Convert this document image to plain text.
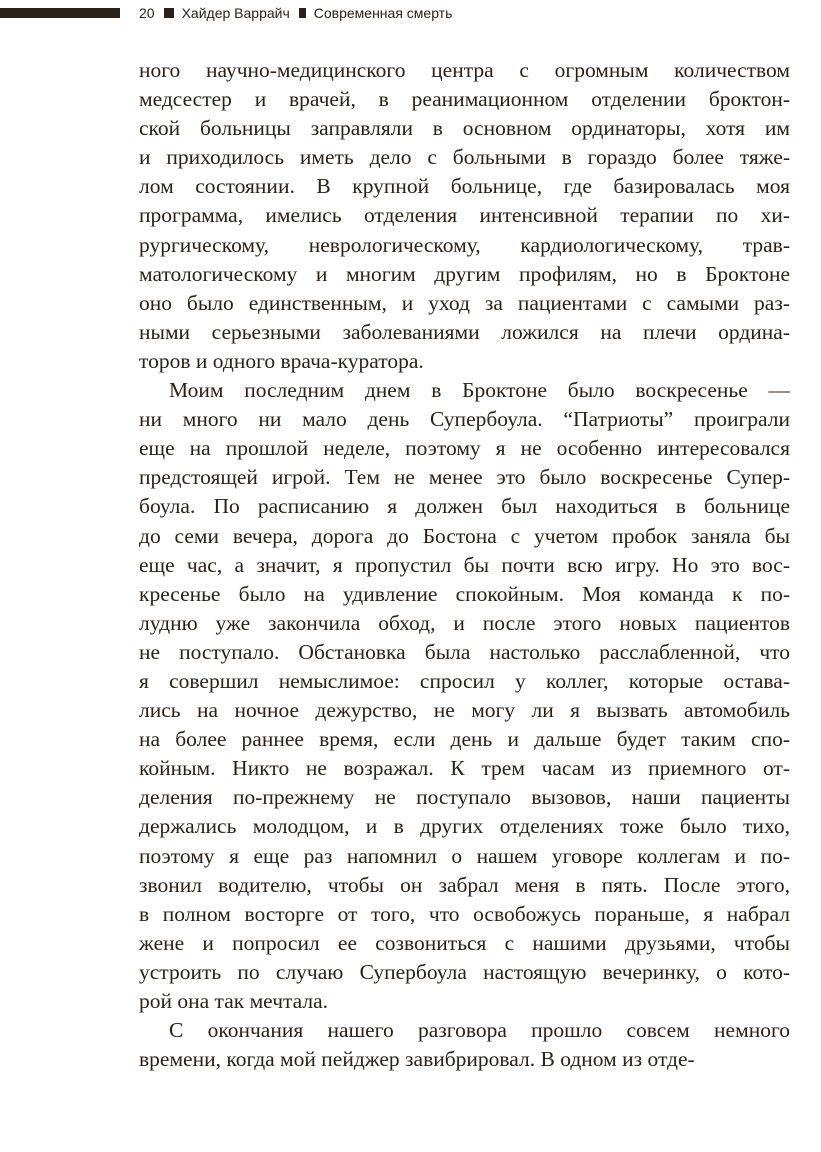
20 Хайдер Варрайч Современная смерть
ного научно-медицинского центра с огромным количеством
медсестер и врачей, в реанимационном отделении броктон-
ской больницы заправляли в основном ординаторы, хотя им
и приходилось иметь дело с больными в гораздо более тяже-
лом состоянии. В крупной больнице, где базировалась моя
программа, имелись отделения интенсивной терапии по хи-
рургическому, неврологическому, кардиологическому, трав-
матологическому и многим другим профилям, но в Броктоне
оно было единственным, и уход за пациентами с самыми раз-
ными серьезными заболеваниями ложился на плечи ордина-
торов и одного врача-куратора.
Моим последним днем в Броктоне было воскресенье —
ни много ни мало день Супербоула. “Патриоты” проиграли
еще на прошлой неделе, поэтому я не особенно интересовался
предстоящей игрой. Тем не менее это было воскресенье Супер-
боула. По расписанию я должен был находиться в больнице
до семи вечера, дорога до Бостона с учетом пробок заняла бы
еще час, а значит, я пропустил бы почти всю игру. Но это вос-
кресенье было на удивление спокойным. Моя команда к по-
лудню уже закончила обход, и после этого новых пациентов
не поступало. Обстановка была настолько расслабленной, что
я совершил немыслимое: спросил у коллег, которые остава-
лись на ночное дежурство, не могу ли я вызвать автомобиль
на более раннее время, если день и дальше будет таким спо-
койным. Никто не возражал. К трем часам из приемного от-
деления по-прежнему не поступало вызовов, наши пациенты
держались молодцом, и в других отделениях тоже было тихо,
поэтому я еще раз напомнил о нашем уговоре коллегам и по-
звонил водителю, чтобы он забрал меня в пять. После этого,
в полном восторге от того, что освобожусь пораньше, я набрал
жене и попросил ее созвониться с нашими друзьями, чтобы
устроить по случаю Супербоула настоящую вечеринку, о кото-
рой она так мечтала.
С окончания нашего разговора прошло совсем немного
времени, когда мой пейджер завибрировал. В одном из отде-
